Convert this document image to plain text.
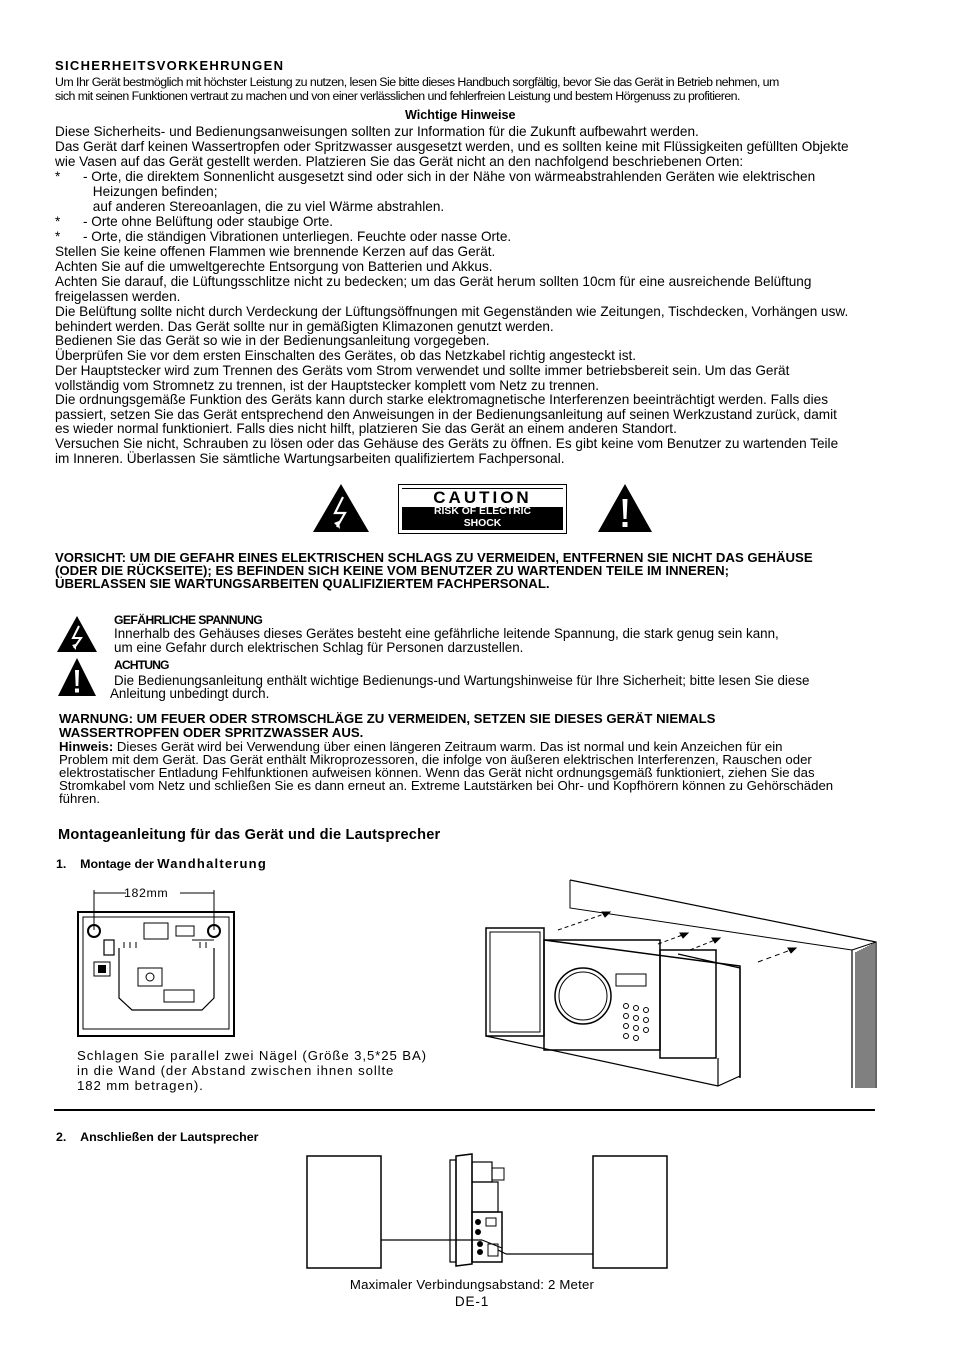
SICHERHEITSVORKEHRUNGEN
Um Ihr Gerät bestmöglich mit höchster Leistung zu nutzen, lesen Sie bitte dieses Handbuch sorgfältig, bevor Sie das Gerät in Betrieb nehmen, um
sich mit seinen Funktionen vertraut zu machen und von einer verlässlichen und fehlerfreien Leistung und bestem Hörgenuss zu profitieren.
Wichtige Hinweise
Diese Sicherheits- und Bedienungsanweisungen sollten zur Information für die Zukunft aufbewahrt werden.
Das Gerät darf keinen Wassertropfen oder Spritzwasser ausgesetzt werden, und es sollten keine mit Flüssigkeiten gefüllten Objekte
wie Vasen auf das Gerät gestellt werden. Platzieren Sie das Gerät nicht an den nachfolgend beschriebenen Orten:
*      - Orte, die direktem Sonnenlicht ausgesetzt sind oder sich in der Nähe von wärmeabstrahlenden Geräten wie elektrischen
Heizungen befinden;
auf anderen Stereoanlagen, die zu viel Wärme abstrahlen.
*      - Orte ohne Belüftung oder staubige Orte.
*      - Orte, die ständigen Vibrationen unterliegen. Feuchte oder nasse Orte.
Stellen Sie keine offenen Flammen wie brennende Kerzen auf das Gerät.
Achten Sie auf die umweltgerechte Entsorgung von Batterien und Akkus.
Achten Sie darauf, die Lüftungsschlitze nicht zu bedecken; um das Gerät herum sollten 10cm für eine ausreichende Belüftung
freigelassen werden.
Die Belüftung sollte nicht durch Verdeckung der Lüftungsöffnungen mit Gegenständen wie Zeitungen, Tischdecken, Vorhängen usw.
behindert werden. Das Gerät sollte nur in gemäßigten Klimazonen genutzt werden.
Bedienen Sie das Gerät so wie in der Bedienungsanleitung vorgegeben.
Überprüfen Sie vor dem ersten Einschalten des Gerätes, ob das Netzkabel richtig angesteckt ist.
Der Hauptstecker wird zum Trennen des Geräts vom Strom verwendet und sollte immer betriebsbereit sein. Um das Gerät
vollständig vom Stromnetz zu trennen, ist der Hauptstecker komplett vom Netz zu trennen.
Die ordnungsgemäße Funktion des Geräts kann durch starke elektromagnetische Interferenzen beeinträchtigt werden. Falls dies
passiert, setzen Sie das Gerät entsprechend den Anweisungen in der Bedienungsanleitung auf seinen Werkzustand zurück, damit
es wieder normal funktioniert. Falls dies nicht hilft, platzieren Sie das Gerät an einem anderen Standort.
Versuchen Sie nicht, Schrauben zu lösen oder das Gehäuse des Geräts zu öffnen. Es gibt keine vom Benutzer zu wartenden Teile
im Inneren. Überlassen Sie sämtliche Wartungsarbeiten qualifiziertem Fachpersonal.
CAUTION
RISK OF ELECTRIC
SHOCK
VORSICHT: UM DIE GEFAHR EINES ELEKTRISCHEN SCHLAGS ZU VERMEIDEN, ENTFERNEN SIE NICHT DAS GEHÄUSE
(ODER DIE RÜCKSEITE); ES BEFINDEN SICH KEINE VOM BENUTZER ZU WARTENDEN TEILE IM INNEREN;
ÜBERLASSEN SIE WARTUNGSARBEITEN QUALIFIZIERTEM FACHPERSONAL.
GEFÄHRLICHE SPANNUNG
Innerhalb des Gehäuses dieses Gerätes besteht eine gefährliche leitende Spannung, die stark genug sein kann,
um eine Gefahr durch elektrischen Schlag für Personen darzustellen.
ACHTUNG
Die Bedienungsanleitung enthält wichtige Bedienungs-und Wartungshinweise für Ihre Sicherheit; bitte lesen Sie diese
Anleitung unbedingt durch.
WARNUNG: UM FEUER ODER STROMSCHLÄGE ZU VERMEIDEN, SETZEN SIE DIESES GERÄT NIEMALS
WASSERTROPFEN ODER SPRITZWASSER AUS.
Hinweis: Dieses Gerät wird bei Verwendung über einen längeren Zeitraum warm. Das ist normal und kein Anzeichen für ein
Problem mit dem Gerät. Das Gerät enthält Mikroprozessoren, die infolge von äußeren elektrischen Interferenzen, Rauschen oder
elektrostatischer Entladung Fehlfunktionen aufweisen können. Wenn das Gerät nicht ordnungsgemäß funktioniert, ziehen Sie das
Stromkabel vom Netz und schließen Sie es dann erneut an. Extreme Lautstärken bei Ohr- und Kopfhörern können zu Gehörschäden
führen.
Montageanleitung für das Gerät und die Lautsprecher
1. Montage der Wandhalterung
182mm
Schlagen Sie parallel zwei Nägel (Größe 3,5*25 BA)
in die Wand (der Abstand zwischen ihnen sollte
182 mm betragen).
2. Anschließen der Lautsprecher
Maximaler Verbindungsabstand: 2 Meter
DE-1
